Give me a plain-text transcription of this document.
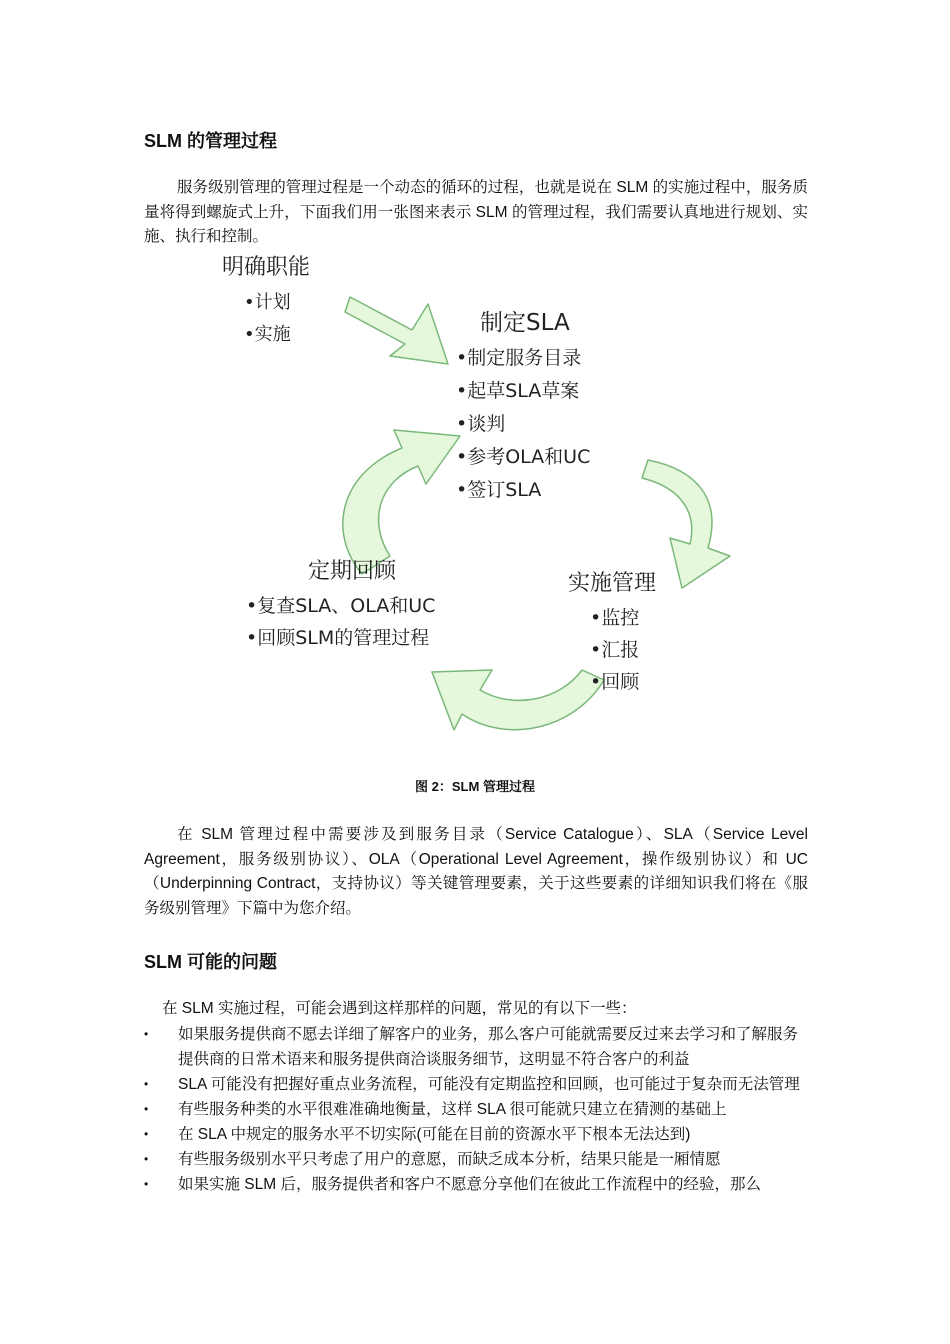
SLM 的管理过程

服务级别管理的管理过程是一个动态的循环的过程，也就是说在 SLM 的实施过程中，服务质量将得到螺旋式上升，下面我们用一张图来表示 SLM 的管理过程，我们需要认真地进行规划、实施、执行和控制。

明确职能
•计划
•实施	制定SLA
•制定服务目录
•起草SLA草案
•谈判
•参考OLA和UC
•签订SLA
实施管理
•监控
•汇报
•回顾
定期回顾
•复查SLA、OLA和UC
•回顾SLM的管理过程
图 2：SLM 管理过程

在 SLM 管理过程中需要涉及到服务目录（Service Catalogue）、SLA（Service Level Agreement，服务级别协议）、OLA（Operational Level Agreement，操作级别协议）和 UC（Underpinning Contract，支持协议）等关键管理要素，关于这些要素的详细知识我们将在《服务级别管理》下篇中为您介绍。

SLM 可能的问题
在 SLM 实施过程，可能会遇到这样那样的问题，常见的有以下一些：
•	如果服务提供商不愿去详细了解客户的业务，那么客户可能就需要反过来去学习和了解服务提供商的日常术语来和服务提供商洽谈服务细节，这明显不符合客户的利益
•	SLA 可能没有把握好重点业务流程，可能没有定期监控和回顾，也可能过于复杂而无法管理
•	有些服务种类的水平很难准确地衡量，这样 SLA 很可能就只建立在猜测的基础上
•	在 SLA 中规定的服务水平不切实际(可能在目前的资源水平下根本无法达到)
•	有些服务级别水平只考虑了用户的意愿，而缺乏成本分析，结果只能是一厢情愿
•	如果实施 SLM 后，服务提供者和客户不愿意分享他们在彼此工作流程中的经验，那么
